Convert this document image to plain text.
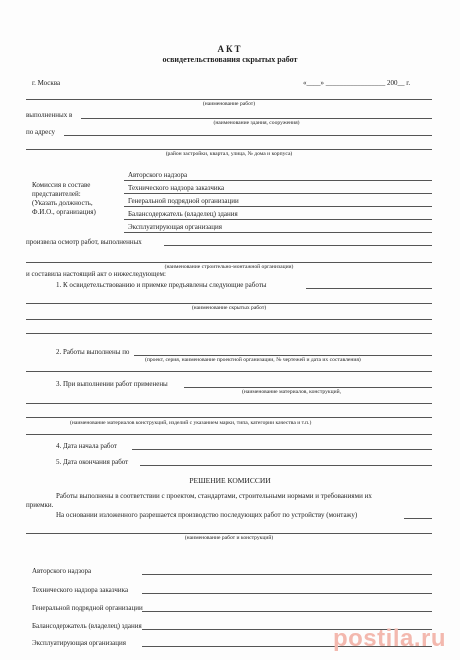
АКТ
освидетельствования скрытых работ
г. Москва	«____» _________________ 200__ г.
(наименование работ)
выполненных в
(наименование здания, сооружения)
по адресу
(район застройки, квартал, улица, № дома и корпуса)
Комиссия в составе
представителей:
(Указать должность,
Ф.И.О., организация)
Авторского надзора
Технического надзора заказчика
Генеральной подрядной организации
Балансодержатель (владелец) здания
Эксплуатирующая организация
произвела осмотр работ, выполненных
(наименование строительно-монтажной организации)
и составила настоящий акт о нижеследующем:
1. К освидетельствованию и приемке предъявлены следующие работы
(наименование скрытых работ)
2. Работы выполнены по
(проект, серия, наименование проектной организации, № чертежей и дата их составления)
3. При выполнении работ применены
(наименование материалов, конструкций,
(наименование материалов конструкций, изделий с указанием марки, типа, категории качества и т.п.)
4. Дата начала работ
5. Дата окончания работ
РЕШЕНИЕ КОМИССИИ
Работы выполнены в соответствии с проектом, стандартами, строительными нормами и требованиями их
приемки.
На основании изложенного разрешается производство последующих работ по устройству (монтажу)
(наименование работ и конструкций)
Авторского надзора
Технического надзора заказчика
Генеральной подрядной организации
Балансодержатель (владелец) здания
Эксплуатирующая организация	postila.ru
